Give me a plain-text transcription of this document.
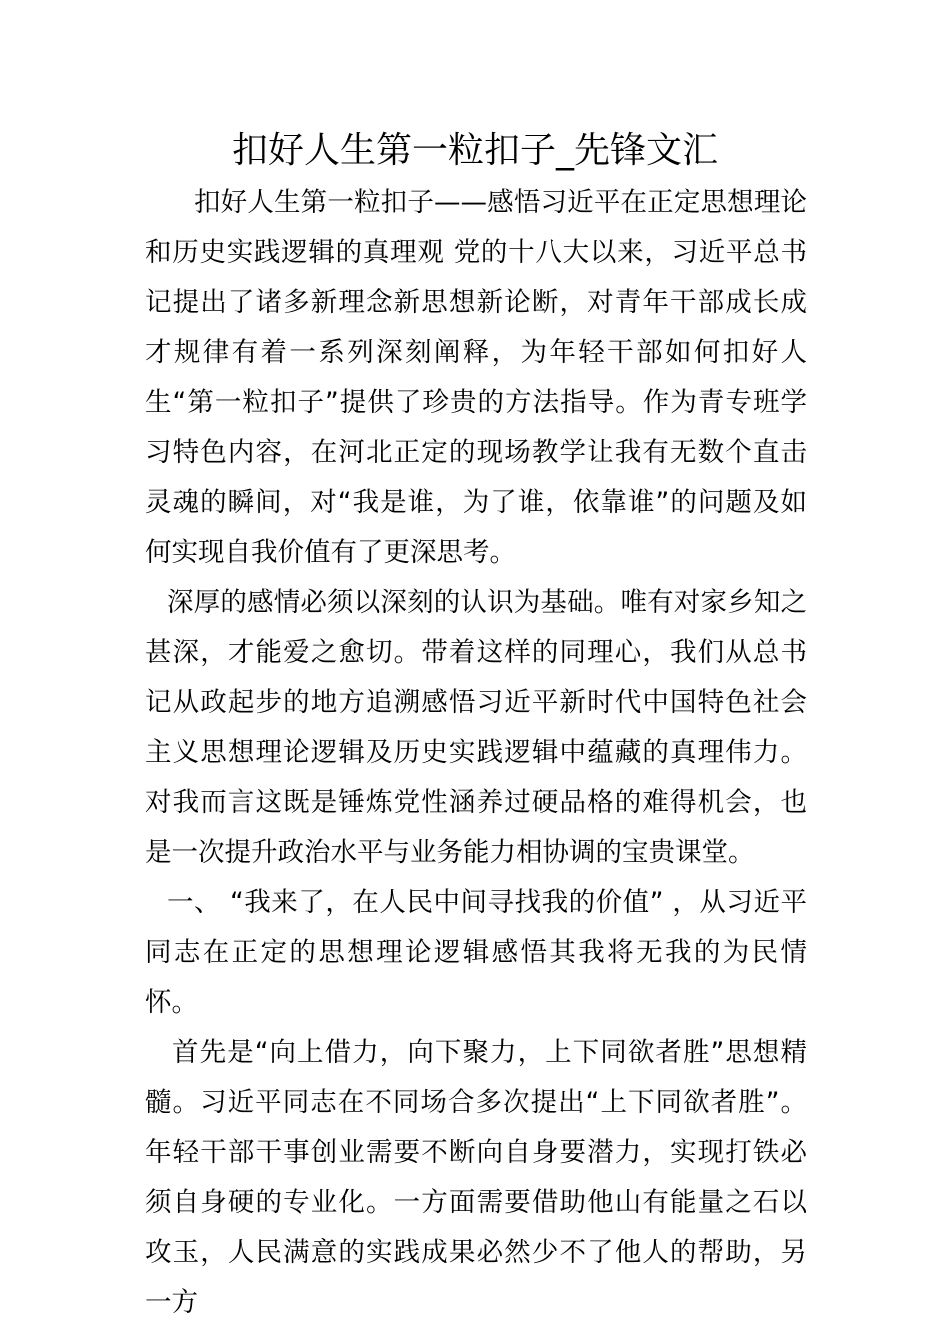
扣好人生第一粒扣子_先锋文汇

扣好人生第一粒扣子——感悟习近平在正定思想理论和历史实践逻辑的真理观 党的十八大以来，习近平总书记提出了诸多新理念新思想新论断，对青年干部成长成才规律有着一系列深刻阐释，为年轻干部如何扣好人生“第一粒扣子”提供了珍贵的方法指导。作为青专班学习特色内容，在河北正定的现场教学让我有无数个直击灵魂的瞬间，对“我是谁，为了谁，依靠谁”的问题及如何实现自我价值有了更深思考。

深厚的感情必须以深刻的认识为基础。唯有对家乡知之甚深，才能爱之愈切。带着这样的同理心，我们从总书记从政起步的地方追溯感悟习近平新时代中国特色社会主义思想理论逻辑及历史实践逻辑中蕴藏的真理伟力。对我而言这既是锤炼党性涵养过硬品格的难得机会，也是一次提升政治水平与业务能力相协调的宝贵课堂。

一、 “我来了，在人民中间寻找我的价值” ，从习近平同志在正定的思想理论逻辑感悟其我将无我的为民情怀。

首先是“向上借力，向下聚力，上下同欲者胜”思想精髓。习近平同志在不同场合多次提出“上下同欲者胜”。年轻干部干事创业需要不断向自身要潜力，实现打铁必须自身硬的专业化。一方面需要借助他山有能量之石以攻玉，人民满意的实践成果必然少不了他人的帮助，另一方
